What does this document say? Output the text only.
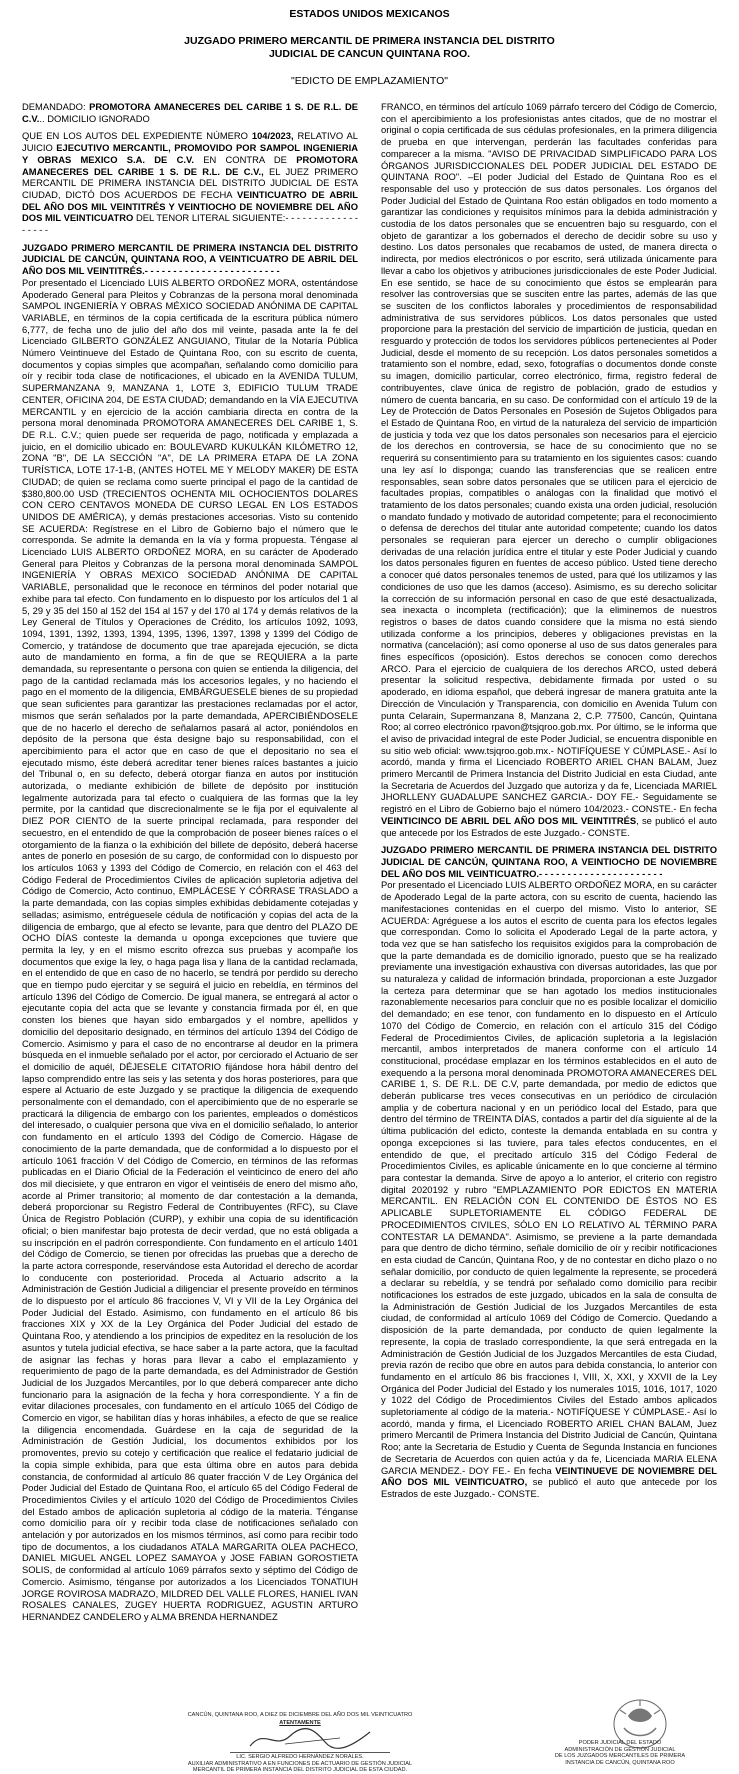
ESTADOS UNIDOS MEXICANOS
JUZGADO PRIMERO MERCANTIL DE PRIMERA INSTANCIA DEL DISTRITO
JUDICIAL DE CANCUN QUINTANA ROO.
"EDICTO DE EMPLAZAMIENTO"

DEMANDADO: PROMOTORA AMANECERES DEL CARIBE 1 S. DE R.L. DE C.V... DOMICILIO IGNORADO

QUE EN LOS AUTOS DEL EXPEDIENTE NÚMERO 104/2023, RELATIVO AL JUICIO EJECUTIVO MERCANTIL, PROMOVIDO POR SAMPOL INGENIERIA Y OBRAS MEXICO S.A. DE C.V. EN CONTRA DE PROMOTORA AMANECERES DEL CARIBE 1 S. DE R.L. DE C.V., EL JUEZ PRIMERO MERCANTIL DE PRIMERA INSTANCIA DEL DISTRITO JUDICIAL DE ESTA CIUDAD, DICTÓ DOS ACUERDOS DE FECHA VEINTICUATRO DE ABRIL DEL AÑO DOS MIL VEINTITRÉS Y VEINTIOCHO DE NOVIEMBRE DEL AÑO DOS MIL VEINTICUATRO DEL TENOR LITERAL SIGUIENTE:- - - - - - - - - - - - - - - - - -

JUZGADO PRIMERO MERCANTIL DE PRIMERA INSTANCIA DEL DISTRITO JUDICIAL DE CANCÚN, QUINTANA ROO, A VEINTICUATRO DE ABRIL DEL AÑO DOS MIL VEINTITRÉS.- - - - - - - - - - - - - - - - - - - - - - - -

Por presentado el Licenciado LUIS ALBERTO ORDOÑEZ MORA, ostentándose Apoderado General para Pleitos y Cobranzas de la persona moral denominada SAMPOL INGENIERÍA Y OBRAS MÉXICO SOCIEDAD ANÓNIMA DE CAPITAL VARIABLE, en términos de la copia certificada de la escritura pública número 6,777, de fecha uno de julio del año dos mil veinte, pasada ante la fe del Licenciado GILBERTO GONZÁLEZ ANGUIANO, Titular de la Notaría Pública Número Veintinueve del Estado de Quintana Roo, con su escrito de cuenta, documentos y copias simples que acompañan, señalando como domicilio para oír y recibir toda clase de notificaciones, el ubicado en la AVENIDA TULUM, SUPERMANZANA 9, MANZANA 1, LOTE 3, EDIFICIO TULUM TRADE CENTER, OFICINA 204, DE ESTA CIUDAD; demandando en la VÍA EJECUTIVA MERCANTIL y en ejercicio de la acción cambiaria directa en contra de la persona moral denominada PROMOTORA AMANECERES DEL CARIBE 1, S. DE R.L. C.V.; quien puede ser requerida de pago, notificada y emplazada a juicio, en el domicilio ubicado en: BOULEVARD KUKULKÁN KILÓMETRO 12, ZONA "B", DE LA SECCIÓN "A", DE LA PRIMERA ETAPA DE LA ZONA TURÍSTICA, LOTE 17-1-B, (ANTES HOTEL ME Y MELODY MAKER) DE ESTA CIUDAD; de quien se reclama como suerte principal el pago de la cantidad de $380,800.00 USD (TRECIENTOS OCHENTA MIL OCHOCIENTOS DOLARES CON CERO CENTAVOS MONEDA DE CURSO LEGAL EN LOS ESTADOS UNIDOS DE AMÉRICA), y demás prestaciones accesorias. Visto su contenido SE ACUERDA: Regístrese en el Libro de Gobierno bajo el número que le corresponda. Se admite la demanda en la vía y forma propuesta. Téngase al Licenciado LUIS ALBERTO ORDOÑEZ MORA, en su carácter de Apoderado General para Pleitos y Cobranzas de la persona moral denominada SAMPOL INGENIERÍA Y OBRAS MEXICO SOCIEDAD ANÓNIMA DE CAPITAL VARIABLE, personalidad que le reconoce en términos del poder notarial que exhibe para tal efecto. Con fundamento en lo dispuesto por los artículos del 1 al 5, 29 y 35 del 150 al 152 del 154 al 157 y del 170 al 174 y demás relativos de la Ley General de Títulos y Operaciones de Crédito, los artículos 1092, 1093, 1094, 1391, 1392, 1393, 1394, 1395, 1396, 1397, 1398 y 1399 del Código de Comercio, y tratándose de documento que trae aparejada ejecución, se dicta auto de mandamiento en forma, a fin de que se REQUIERA a la parte demandada, su representante o persona con quien se entienda la diligencia, del pago de la cantidad reclamada más los accesorios legales, y no haciendo el pago en el momento de la diligencia, EMBÁRGUESELE bienes de su propiedad que sean suficientes para garantizar las prestaciones reclamadas por el actor, mismos que serán señalados por la parte demandada, APERCIBIÉNDOSELE que de no hacerlo el derecho de señalarnos pasará al actor, poniéndolos en depósito de la persona que ésta designe bajo su responsabilidad, con el apercibimiento para el actor que en caso de que el depositario no sea el ejecutado mismo, éste deberá acreditar tener bienes raíces bastantes a juicio del Tribunal o, en su defecto, deberá otorgar fianza en autos por institución autorizada, o mediante exhibición de billete de depósito por institución legalmente autorizada para tal efecto o cualquiera de las formas que la ley permite, por la cantidad que discrecionalmente se le fija por el equivalente al DIEZ POR CIENTO de la suerte principal reclamada, para responder del secuestro, en el entendido de que la comprobación de poseer bienes raíces o el otorgamiento de la fianza o la exhibición del billete de depósito, deberá hacerse antes de ponerlo en posesión de su cargo, de conformidad con lo dispuesto por los artículos 1063 y 1393 del Código de Comercio, en relación con el 463 del Código Federal de Procedimientos Civiles de aplicación supletoria adjetiva del Código de Comercio, Acto continuo, EMPLÁCESE Y CÓRRASE TRASLADO a la parte demandada, con las copias simples exhibidas debidamente cotejadas y selladas; asimismo, entréguesele cédula de notificación y copias del acta de la diligencia de embargo, que al efecto se levante, para que dentro del PLAZO DE OCHO DÍAS conteste la demanda u oponga excepciones que tuviere que permita la ley, y en el mismo escrito ofrezca sus pruebas y acompañe los documentos que exige la ley, o haga paga lisa y llana de la cantidad reclamada, en el entendido de que en caso de no hacerlo, se tendrá por perdido su derecho que en tiempo pudo ejercitar y se seguirá el juicio en rebeldía, en términos del artículo 1396 del Código de Comercio. De igual manera, se entregará al actor o ejecutante copia del acta que se levante y constancia firmada por él, en que consten los bienes que hayan sido embargados y el nombre, apellidos y domicilio del depositario designado, en términos del artículo 1394 del Código de Comercio. Asimismo y para el caso de no encontrarse al deudor en la primera búsqueda en el inmueble señalado por el actor, por cerciorado el Actuario de ser el domicilio de aquél, DÉJESELE CITATORIO fijándose hora hábil dentro del lapso comprendido entre las seis y las setenta y dos horas posteriores, para que espere al Actuario de este Juzgado y se practique la diligencia de exequendo personalmente con el demandado, con el apercibimiento que de no esperarle se practicará la diligencia de embargo con los parientes, empleados o domésticos del interesado, o cualquier persona que viva en el domicilio señalado, lo anterior con fundamento en el artículo 1393 del Código de Comercio. Hágase de conocimiento de la parte demandada, que de conformidad a lo dispuesto por el artículo 1061 fracción V del Código de Comercio, en términos de las reformas publicadas en el Diario Oficial de la Federación el veinticinco de enero del año dos mil diecisiete, y que entraron en vigor el veintiséis de enero del mismo año, acorde al Primer transitorio; al momento de dar contestación a la demanda, deberá proporcionar su Registro Federal de Contribuyentes (RFC), su Clave Única de Registro Población (CURP), y exhibir una copia de su identificación oficial; o bien manifestar bajo protesta de decir verdad, que no está obligada a su inscripción en el padrón correspondiente. Con fundamento en el artículo 1401 del Código de Comercio, se tienen por ofrecidas las pruebas que a derecho de la parte actora corresponde, reservándose esta Autoridad el derecho de acordar lo conducente con posterioridad. Proceda al Actuario adscrito a la Administración de Gestión Judicial a diligenciar el presente proveído en términos de lo dispuesto por el artículo 86 fracciones V, VI y VII de la Ley Orgánica del Poder Judicial del Estado. Asimismo, con fundamento en el artículo 86 bis fracciones XIX y XX de la Ley Orgánica del Poder Judicial del estado de Quintana Roo, y atendiendo a los principios de expeditez en la resolución de los asuntos y tutela judicial efectiva, se hace saber a la parte actora, que la facultad de asignar las fechas y horas para llevar a cabo el emplazamiento y requerimiento de pago de la parte demandada, es del Administrador de Gestión Judicial de los Juzgados Mercantiles, por lo que deberá comparecer ante dicho funcionario para la asignación de la fecha y hora correspondiente. Y a fin de evitar dilaciones procesales, con fundamento en el artículo 1065 del Código de Comercio en vigor, se habilitan días y horas inhábiles, a efecto de que se realice la diligencia encomendada. Guárdese en la caja de seguridad de la Administración de Gestión Judicial, los documentos exhibidos por los promoventes, previo su cotejo y certificación que realice el fedatario judicial de la copia simple exhibida, para que esta última obre en autos para debida constancia, de conformidad al artículo 86 quater fracción V de Ley Orgánica del Poder Judicial del Estado de Quintana Roo, el artículo 65 del Código Federal de Procedimientos Civiles y el artículo 1020 del Código de Procedimientos Civiles del Estado ambos de aplicación supletoria al código de la materia. Ténganse como domicilio para oír y recibir toda clase de notificaciones señalado con antelación y por autorizados en los mismos términos, así como para recibir todo tipo de documentos, a los ciudadanos ATALA MARGARITA OLEA PACHECO, DANIEL MIGUEL ANGEL LOPEZ SAMAYOA y JOSE FABIAN GOROSTIETA SOLIS, de conformidad al artículo 1069 párrafos sexto y séptimo del Código de Comercio. Asimismo, ténganse por autorizados a los Licenciados TONATIUH JORGE ROVIROSA MADRAZO, MILDRED DEL VALLE FLORES, HANIEL IVAN ROSALES CANALES, ZUGEY HUERTA RODRIGUEZ, AGUSTIN ARTURO HERNANDEZ CANDELERO y ALMA BRENDA HERNANDEZ

FRANCO, en términos del artículo 1069 párrafo tercero del Código de Comercio, con el apercibimiento a los profesionistas antes citados, que de no mostrar el original o copia certificada de sus cédulas profesionales, en la primera diligencia de prueba en que intervengan, perderán las facultades conferidas para comparecer a la misma. "AVISO DE PRIVACIDAD SIMPLIFICADO PARA LOS ÓRGANOS JURISDICCIONALES DEL PODER JUDICIAL DEL ESTADO DE QUINTANA ROO". –El poder Judicial del Estado de Quintana Roo es el responsable del uso y protección de sus datos personales. Los órganos del Poder Judicial del Estado de Quintana Roo están obligados en todo momento a garantizar las condiciones y requisitos mínimos para la debida administración y custodia de los datos personales que se encuentren bajo su resguardo, con el objeto de garantizar a los gobernados el derecho de decidir sobre su uso y destino. Los datos personales que recabamos de usted, de manera directa o indirecta, por medios electrónicos o por escrito, será utilizada únicamente para llevar a cabo los objetivos y atribuciones jurisdiccionales de este Poder Judicial. En ese sentido, se hace de su conocimiento que éstos se emplearán para resolver las controversias que se susciten entre las partes, además de las que se susciten de los conflictos laborales y procedimientos de responsabilidad administrativa de sus servidores públicos. Los datos personales que usted proporcione para la prestación del servicio de impartición de justicia, quedan en resguardo y protección de todos los servidores públicos pertenecientes al Poder Judicial, desde el momento de su recepción. Los datos personales sometidos a tratamiento son el nombre, edad, sexo, fotografías o documentos donde conste su imagen, domicilio particular, correo electrónico, firma, registro federal de contribuyentes, clave única de registro de población, grado de estudios y número de cuenta bancaria, en su caso. De conformidad con el artículo 19 de la Ley de Protección de Datos Personales en Posesión de Sujetos Obligados para el Estado de Quintana Roo, en virtud de la naturaleza del servicio de impartición de justicia y toda vez que los datos personales son necesarios para el ejercicio de los derechos en controversia, se hace de su conocimiento que no se requerirá su consentimiento para su tratamiento en los siguientes casos: cuando una ley así lo disponga; cuando las transferencias que se realicen entre responsables, sean sobre datos personales que se utilicen para el ejercicio de facultades propias, compatibles o análogas con la finalidad que motivó el tratamiento de los datos personales; cuando exista una orden judicial, resolución o mandato fundado y motivado de autoridad competente; para el reconocimiento o defensa de derechos del titular ante autoridad competente; cuando los datos personales se requieran para ejercer un derecho o cumplir obligaciones derivadas de una relación jurídica entre el titular y este Poder Judicial y cuando los datos personales figuren en fuentes de acceso público. Usted tiene derecho a conocer qué datos personales tenemos de usted, para qué los utilizamos y las condiciones de uso que les damos (acceso). Asimismo, es su derecho solicitar la corrección de su información personal en caso de que esté desactualizada, sea inexacta o incompleta (rectificación); que la eliminemos de nuestros registros o bases de datos cuando considere que la misma no está siendo utilizada conforme a los principios, deberes y obligaciones previstas en la normativa (cancelación); así como oponerse al uso de sus datos generales para fines específicos (oposición). Estos derechos se conocen como derechos ARCO. Para el ejercicio de cualquiera de los derechos ARCO, usted deberá presentar la solicitud respectiva, debidamente firmada por usted o su apoderado, en idioma español, que deberá ingresar de manera gratuita ante la Dirección de Vinculación y Transparencia, con domicilio en Avenida Tulum con punta Celarain, Supermanzana 8, Manzana 2, C.P. 77500, Cancún, Quintana Roo; al correo electrónico rpavon@tsjqroo.gob.mx. Por último, se le informa que el aviso de privacidad integral de este Poder Judicial, se encuentra disponible en su sitio web oficial: www.tsjqroo.gob.mx.- NOTIFÍQUESE Y CÚMPLASE.- Así lo acordó, manda y firma el Licenciado ROBERTO ARIEL CHAN BALAM, Juez primero Mercantil de Primera Instancia del Distrito Judicial en esta Ciudad, ante la Secretaria de Acuerdos del Juzgado que autoriza y da fe, Licenciada MARIEL JHORLLENY GUADALUPE SANCHEZ GARCIA.- DOY FE.- Seguidamente se registró en el Libro de Gobierno bajo el número 104/2023.- CONSTE.- En fecha VEINTICINCO DE ABRIL DEL AÑO DOS MIL VEINTITRÉS, se publicó el auto que antecede por los Estrados de este Juzgado.- CONSTE.

JUZGADO PRIMERO MERCANTIL DE PRIMERA INSTANCIA DEL DISTRITO JUDICIAL DE CANCÚN, QUINTANA ROO, A VEINTIOCHO DE NOVIEMBRE DEL AÑO DOS MIL VEINTICUATRO.- - - - - - - - - - - - - - - - - - - - - -

Por presentado el Licenciado LUIS ALBERTO ORDOÑEZ MORA, en su carácter de Apoderado Legal de la parte actora, con su escrito de cuenta, haciendo las manifestaciones contenidas en el cuerpo del mismo. Visto lo anterior, SE ACUERDA: Agréguese a los autos el escrito de cuenta para los efectos legales que correspondan. Como lo solicita el Apoderado Legal de la parte actora, y toda vez que se han satisfecho los requisitos exigidos para la comprobación de que la parte demandada es de domicilio ignorado, puesto que se ha realizado previamente una investigación exhaustiva con diversas autoridades, las que por su naturaleza y calidad de información brindada, proporcionan a este Juzgador la certeza para determinar que se han agotado los medios institucionales razonablemente necesarios para concluir que no es posible localizar el domicilio del demandado; en ese tenor, con fundamento en lo dispuesto en el Artículo 1070 del Código de Comercio, en relación con el artículo 315 del Código Federal de Procedimientos Civiles, de aplicación supletoria a la legislación mercantil, ambos interpretados de manera conforme con el artículo 14 constitucional, procédase emplazar en los términos establecidos en el auto de exequendo a la persona moral denominada PROMOTORA AMANECERES DEL CARIBE 1, S. DE R.L. DE C.V, parte demandada, por medio de edictos que deberán publicarse tres veces consecutivas en un periódico de circulación amplia y de cobertura nacional y en un periódico local del Estado, para que dentro del término de TREINTA DÍAS, contados a partir del día siguiente al de la última publicación del edicto, conteste la demanda entablada en su contra y oponga excepciones si las tuviere, para tales efectos conducentes, en el entendido de que, el precitado artículo 315 del Código Federal de Procedimientos Civiles, es aplicable únicamente en lo que concierne al término para contestar la demanda. Sirve de apoyo a lo anterior, el criterio con registro digital 2020192 y rubro "EMPLAZAMIENTO POR EDICTOS EN MATERIA MERCANTIL. EN RELACIÓN CON EL CONTENIDO DE ÉSTOS NO ES APLICABLE SUPLETORIAMENTE EL CÓDIGO FEDERAL DE PROCEDIMIENTOS CIVILES, SÓLO EN LO RELATIVO AL TÉRMINO PARA CONTESTAR LA DEMANDA". Asimismo, se previene a la parte demandada para que dentro de dicho término, señale domicilio de oír y recibir notificaciones en esta ciudad de Cancún, Quintana Roo, y de no contestar en dicho plazo o no señalar domicilio, por conducto de quien legalmente la represente, se procederá a declarar su rebeldía, y se tendrá por señalado como domicilio para recibir notificaciones los estrados de este juzgado, ubicados en la sala de consulta de la Administración de Gestión Judicial de los Juzgados Mercantiles de esta ciudad, de conformidad al artículo 1069 del Código de Comercio. Quedando a disposición de la parte demandada, por conducto de quien legalmente la represente, la copia de traslado correspondiente, la que será entregada en la Administración de Gestión Judicial de los Juzgados Mercantiles de esta Ciudad, previa razón de recibo que obre en autos para debida constancia, lo anterior con fundamento en el artículo 86 bis fracciones I, VIII, X, XXI, y XXVII de la Ley Orgánica del Poder Judicial del Estado y los numerales 1015, 1016, 1017, 1020 y 1022 del Código de Procedimientos Civiles del Estado ambos aplicados supletoriamente al código de la materia.- NOTIFÍQUESE Y CÚMPLASE.- Así lo acordó, manda y firma, el Licenciado ROBERTO ARIEL CHAN BALAM, Juez primero Mercantil de Primera Instancia del Distrito Judicial de Cancún, Quintana Roo; ante la Secretaria de Estudio y Cuenta de Segunda Instancia en funciones de Secretaria de Acuerdos con quien actúa y da fe, Licenciada MARIA ELENA GARCIA MENDEZ.- DOY FE.- En fecha VEINTINUEVE DE NOVIEMBRE DEL AÑO DOS MIL VEINTICUATRO, se publicó el auto que antecede por los Estrados de este Juzgado.- CONSTE.

CANCÚN, QUINTANA ROO, A DIEZ DE DICIEMBRE DEL AÑO DOS MIL VEINTICUATRO
ATENTAMENTE
LIC. SERGIO ALFREDO HERNÁNDEZ NORALES.
AUXILIAR ADMINISTRATIVO A EN FUNCIONES DE ACTUARIO DE GESTIÓN JUDICIAL
MERCANTIL DE PRIMERA INSTANCIA DEL DISTRITO JUDICIAL DE ESTA CIUDAD.
PODER JUDICIAL DEL ESTADO
ADMINISTRACIÓN DE GESTIÓN JUDICIAL
DE LOS JUZGADOS MERCANTILES DE PRIMERA
INSTANCIA DE CANCÚN, QUINTANA ROO
